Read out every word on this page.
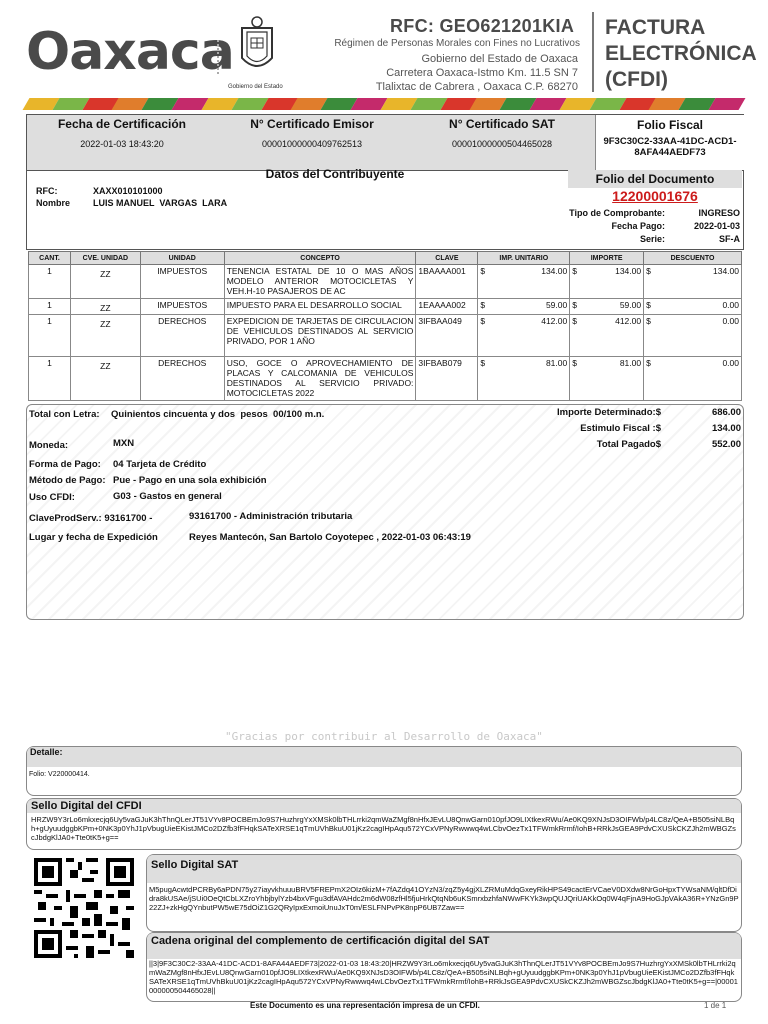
Oaxaca
Gobierno del Estado
RFC: GEO621201KIA
Régimen de Personas Morales con Fines no Lucrativos
Gobierno del Estado de Oaxaca
Carretera Oaxaca-Istmo Km. 11.5 SN 7
Tlalixtac de Cabrera , Oaxaca C.P. 68270
FACTURA
ELECTRÓNICA
(CFDI)
Fecha de Certificación
2022-01-03 18:43:20
N° Certificado Emisor
00001000000409762513
N° Certificado SAT
00001000000504465028
Folio Fiscal
9F3C30C2-33AA-41DC-ACD1-
8AFA44AEDF73
Datos del Contribuyente
RFC:	XAXX010101000
Nombre	LUIS MANUEL  VARGAS  LARA
Folio del Documento
12200001676
Tipo de Comprobante:	INGRESO
Fecha Pago:	2022-01-03
Serie:	SF-A
CANT.	CVE. UNIDAD	UNIDAD	CONCEPTO	CLAVE	IMP. UNITARIO	IMPORTE	DESCUENTO
1	ZZ	IMPUESTOS	TENENCIA ESTATAL DE 10 O MAS AÑOS MODELO ANTERIOR MOTOCICLETAS Y VEH.H-10 PASAJEROS DE AC	1BAAAA001	$ 134.00	$ 134.00	$ 134.00

1	ZZ	IMPUESTOS	IMPUESTO PARA EL DESARROLLO SOCIAL	1EAAAA002	$ 59.00	$ 59.00	$ 0.00

1	ZZ	DERECHOS	EXPEDICION DE TARJETAS DE CIRCULACION DE VEHICULOS DESTINADOS AL SERVICIO PRIVADO, POR 1 AÑO	3IFBAA049	$ 412.00	$ 412.00	$ 0.00

1	ZZ	DERECHOS	USO, GOCE O APROVECHAMIENTO DE PLACAS Y CALCOMANIA DE VEHICULOS DESTINADOS AL SERVICIO PRIVADO: MOTOCICLETAS 2022	3IFBAB079	$ 81.00	$ 81.00	$ 0.00
Total con Letra: Quinientos cincuenta y dos  pesos  00/100 m.n.	Importe Determinado:$	686.00
Estimulo Fiscal :$	134.00
Total Pagado$	552.00
Moneda:	MXN
Forma de Pago: 04 Tarjeta de Crédito
Método de Pago: Pue - Pago en una sola exhibición
Uso CFDI:	G03 - Gastos en general
ClaveProdServ.: 93161700 -	93161700 - Administración tributaria
Lugar y fecha de Expedición	Reyes Mantecón, San Bartolo Coyotepec , 2022-01-03 06:43:19
"Gracias por contribuir al Desarrollo de Oaxaca"
Detalle:
Folio: V220000414.
Sello Digital del CFDI
HRZW9Y3rLo6mkxecjq6Uy5vaGJuK3hThnQLerJT51VYv8POCBEmJo9S7HuzhrgYxXMSk0lbTHLrrki2qmWaZMgf8nHfxJEvLU8QnwGarn010pfJO9LIXtkexRWu/Ae0KQ9XNJsD3OIFWb/p4LC8z/QeA+B505siNLBqh+gUyuudggbKPm+0NK3p0YhJ1pVbugUieEKistJMCo2DZfb3fFHqkSATeXRSE1qTmUVhBkuU01jKz2cagIHpAqu572YCxVPNyRwwwq4wLCbvOezTx1TFWmkRrmf/IohB+RRkJsGEA9PdvCXUSkCKZJh2mWBGZscJbdgKlJA0+Tte0tK5+g==
Sello Digital SAT
M5pugAcwtdPCRBy6aPDN75y27iayvkhuuuBRV5FREPmX2OIz6kizM+7fAZdq41OYzN3/zqZ5y4gjXLZRMuMdqGxeyRikHPS49cactErVCaeV0DXdw8NrGoHpxTYWsaNM/qltDfDidra8kUSAe/jSUi0OeQtCbLXZroYhbjbylYzb4bxVFgu3dfAVAHdc2m6dW08zfHl5fjuHrkQtqNb6uKSmrxbzhfaNWwFKYk3wpQUJQriUAKkOq0W4qFjnA9HoGJpVAkA36R+YNzGn9P22ZJ+zkHgQYnbutPW5wE75dOiZ1G2QRyIpxExmoiUnuJxT0m/ESLFNPvPK8npP6UB7Zaw==
Cadena original del complemento de certificación digital del SAT
||3|9F3C30C2-33AA-41DC-ACD1-8AFA44AEDF73|2022-01-03 18:43:20|HRZW9Y3rLo6mkxecjq6Uy5vaGJuK3hThnQLerJT51VYv8POCBEmJo9S7HuzhrgYxXMSk0lbTHLrrki2qmWaZMgf8nHfxJEvLU8QnwGarn010pfJO9LIXtkexRWu/Ae0KQ9XNJsD3OIFWb/p4LC8z/QeA+B505siNLBqh+gUyuudggbKPm+0NK3p0YhJ1pVbugUieEKistJMCo2DZfb3fFHqkSATeXRSE1qTmUVhBkuU01jKz2cagIHpAqu572YCxVPNyRwwwq4wLCbvOezTx1TFWmkRrmf/IohB+RRkJsGEA9PdvCXUSkCKZJh2mWBGZscJbdgKlJA0+Tte0tK5+g==|00001000000504465028||
Este Documento es una representación impresa de un CFDI.	1 de 1
